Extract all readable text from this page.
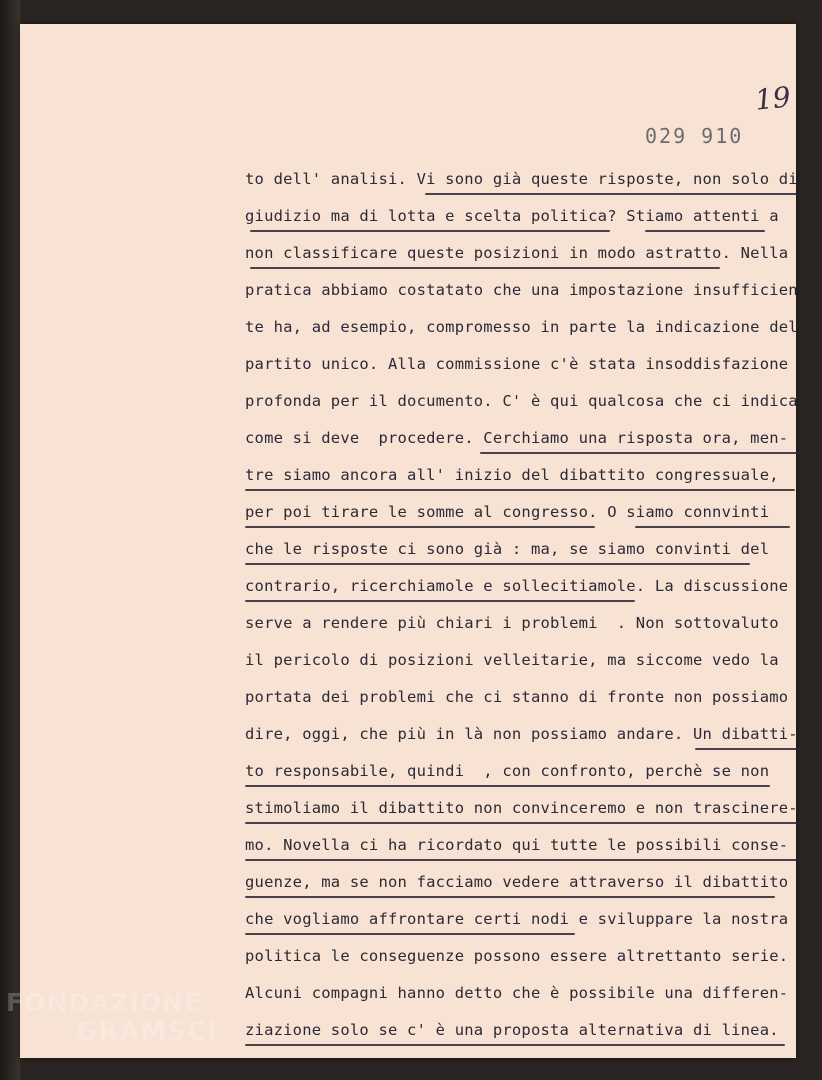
19
029 910
to dell' analisi. Vi sono già queste risposte, non solo di
giudizio ma di lotta e scelta politica? Stiamo attenti a
non classificare queste posizioni in modo astratto. Nella
pratica abbiamo costatato che una impostazione insufficien-
te ha, ad esempio, compromesso in parte la indicazione del
partito unico. Alla commissione c'è stata insoddisfazione
profonda per il documento. C' è qui qualcosa che ci indica
come si deve  procedere. Cerchiamo una risposta ora, men-
tre siamo ancora all' inizio del dibattito congressuale,
per poi tirare le somme al congresso. O siamo connvinti
che le risposte ci sono già : ma, se siamo convinti del
contrario, ricerchiamole e sollecitiamole. La discussione
serve a rendere più chiari i problemi  . Non sottovaluto
il pericolo di posizioni velleitarie, ma siccome vedo la
portata dei problemi che ci stanno di fronte non possiamo
dire, oggi, che più in là non possiamo andare. Un dibatti-
to responsabile, quindi  , con confronto, perchè se non
stimoliamo il dibattito non convinceremo e non trascinere-
mo. Novella ci ha ricordato qui tutte le possibili conse-
guenze, ma se non facciamo vedere attraverso il dibattito
che vogliamo affrontare certi nodi e sviluppare la nostra
politica le conseguenze possono essere altrettanto serie.
Alcuni compagni hanno detto che è possibile una differen-
ziazione solo se c' è una proposta alternativa di linea.
FONDAZIONE
GRAMSCI
